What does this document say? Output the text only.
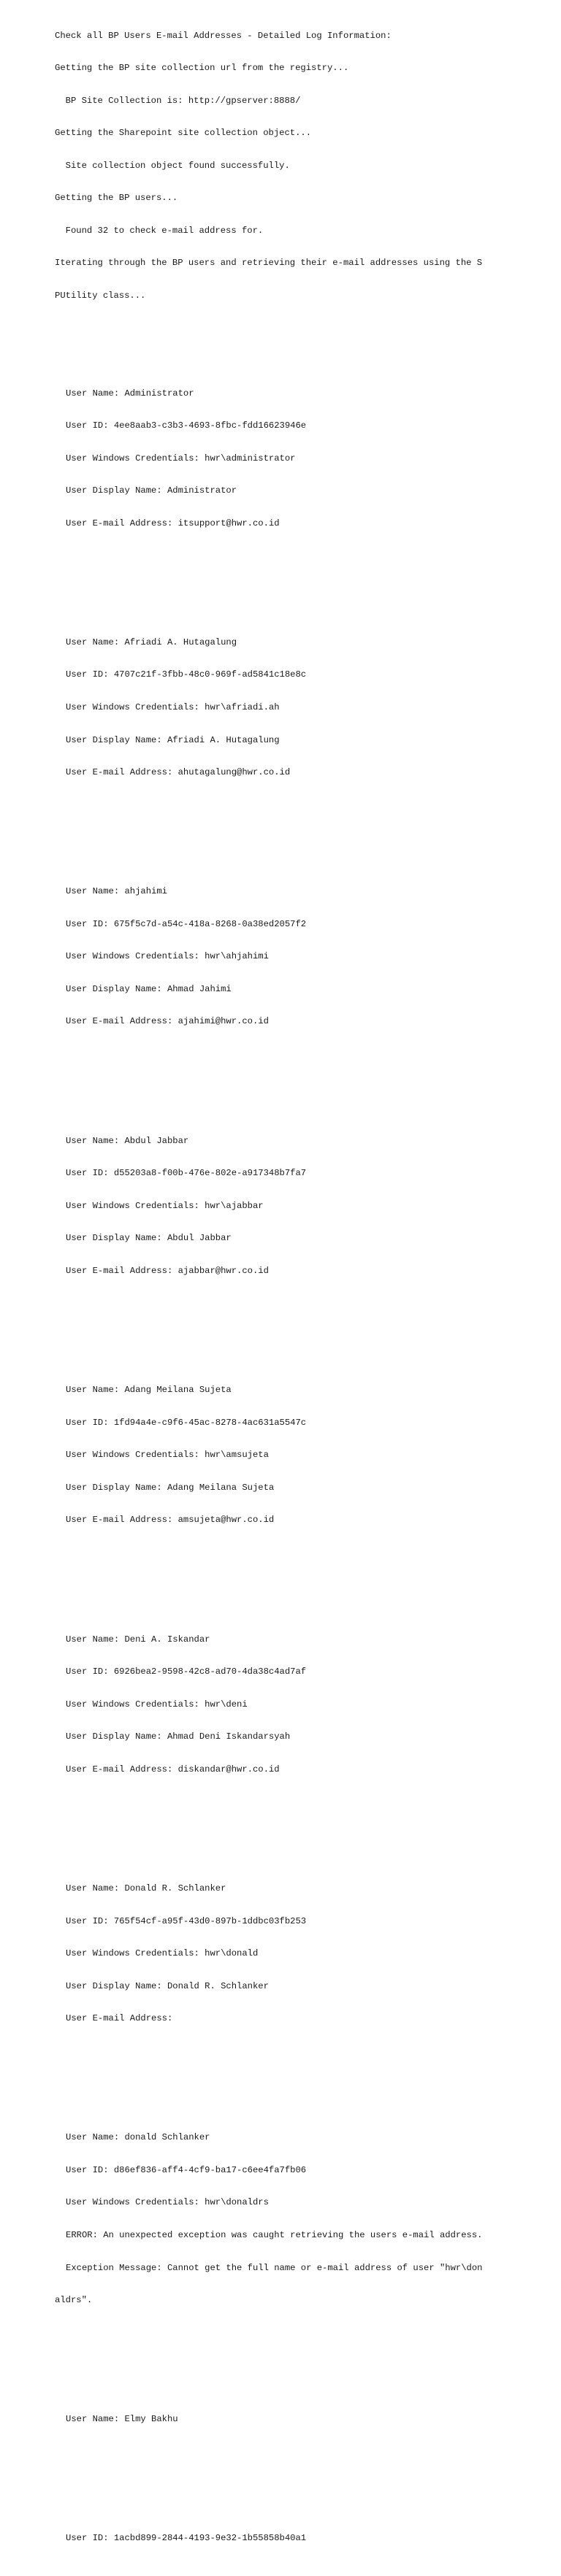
Check all BP Users E-mail Addresses - Detailed Log Information:

Getting the BP site collection url from the registry...

BP Site Collection is: http://gpserver:8888/

Getting the Sharepoint site collection object...

Site collection object found successfully.

Getting the BP users...

Found 32 to check e-mail address for.

Iterating through the BP users and retrieving their e-mail addresses using the S

PUtility class...

User Name: Administrator

User ID: 4ee8aab3-c3b3-4693-8fbc-fdd16623946e

User Windows Credentials: hwr\administrator

User Display Name: Administrator

User E-mail Address: itsupport@hwr.co.id

User Name: Afriadi A. Hutagalung

User ID: 4707c21f-3fbb-48c0-969f-ad5841c18e8c

User Windows Credentials: hwr\afriadi.ah

User Display Name: Afriadi A. Hutagalung

User E-mail Address: ahutagalung@hwr.co.id

User Name: ahjahimi

User ID: 675f5c7d-a54c-418a-8268-0a38ed2057f2

User Windows Credentials: hwr\ahjahimi

User Display Name: Ahmad Jahimi

User E-mail Address: ajahimi@hwr.co.id

User Name: Abdul Jabbar

User ID: d55203a8-f00b-476e-802e-a917348b7fa7

User Windows Credentials: hwr\ajabbar

User Display Name: Abdul Jabbar

User E-mail Address: ajabbar@hwr.co.id

User Name: Adang Meilana Sujeta

User ID: 1fd94a4e-c9f6-45ac-8278-4ac631a5547c

User Windows Credentials: hwr\amsujeta

User Display Name: Adang Meilana Sujeta

User E-mail Address: amsujeta@hwr.co.id

User Name: Deni A. Iskandar

User ID: 6926bea2-9598-42c8-ad70-4da38c4ad7af

User Windows Credentials: hwr\deni

User Display Name: Ahmad Deni Iskandarsyah

User E-mail Address: diskandar@hwr.co.id

User Name: Donald R. Schlanker

User ID: 765f54cf-a95f-43d0-897b-1ddbc03fb253

User Windows Credentials: hwr\donald

User Display Name: Donald R. Schlanker

User E-mail Address:

User Name: donald Schlanker

User ID: d86ef836-aff4-4cf9-ba17-c6ee4fa7fb06

User Windows Credentials: hwr\donaldrs

ERROR: An unexpected exception was caught retrieving the users e-mail address.

Exception Message: Cannot get the full name or e-mail address of user "hwr\don

aldrs".

User Name: Elmy Bakhu

User ID: 1acbd899-2844-4193-9e32-1b55858b40a1
